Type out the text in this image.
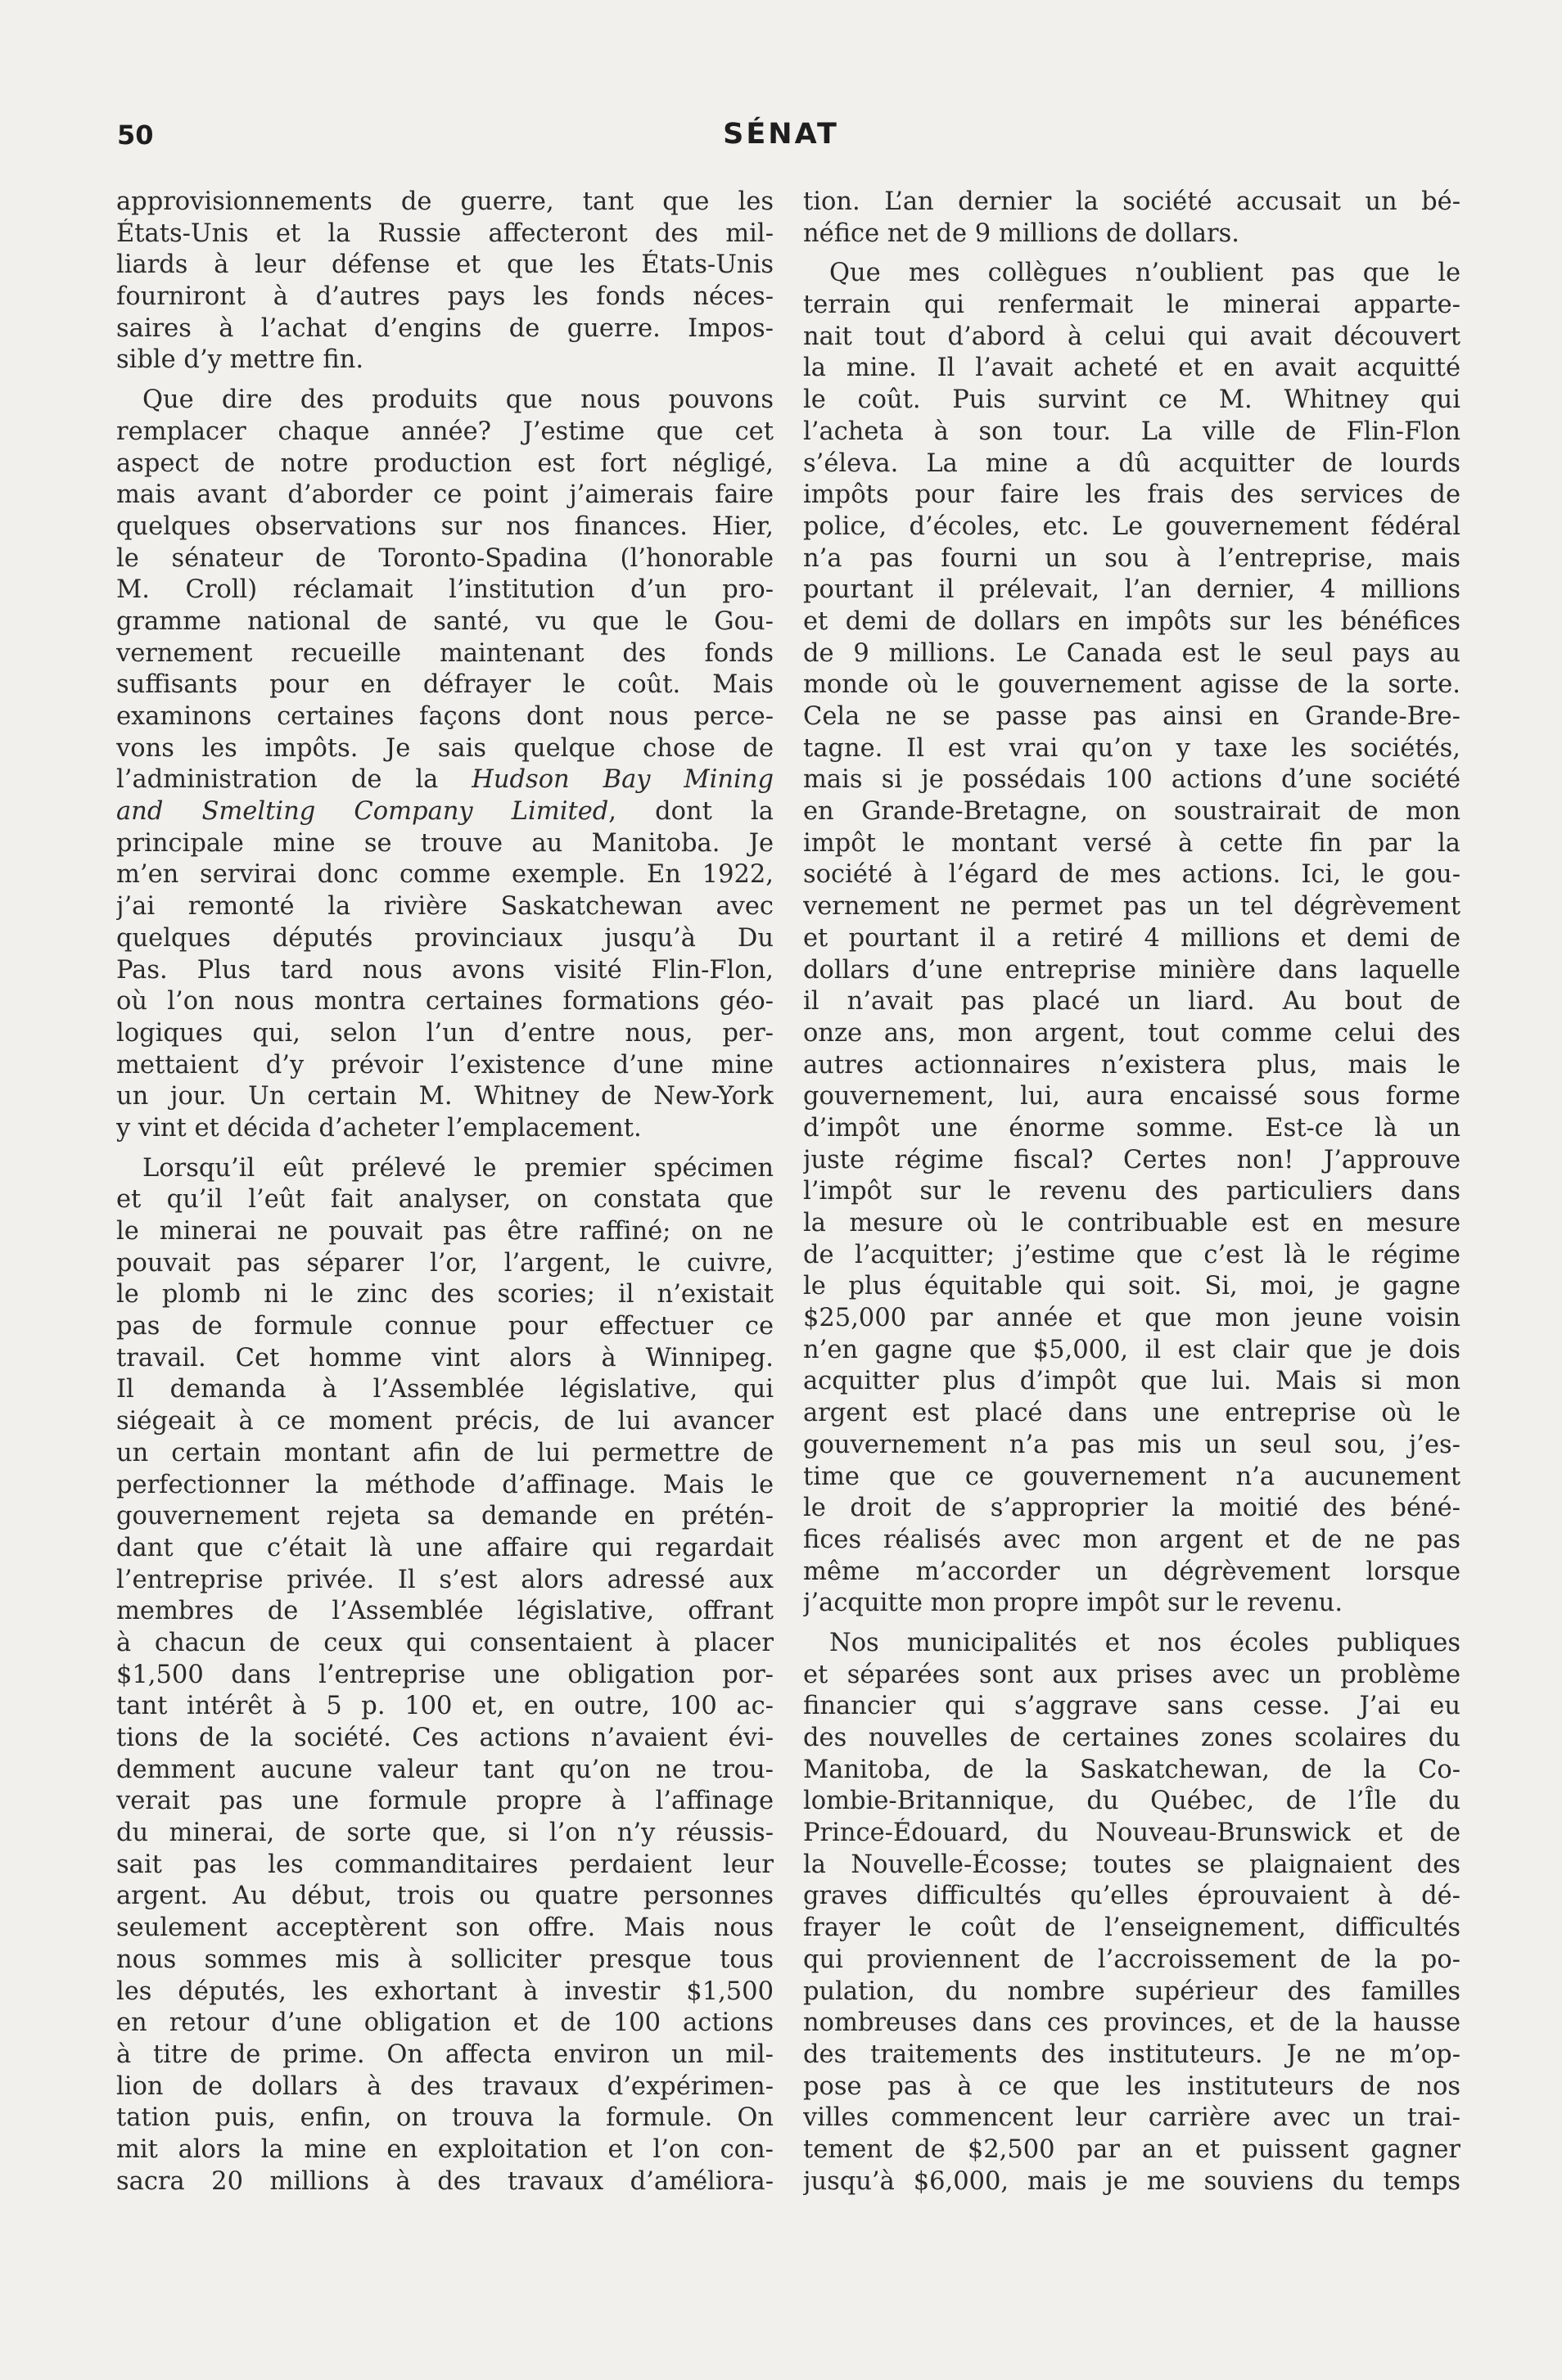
50	SÉNAT
approvisionnements de guerre, tant que les
États-Unis et la Russie affecteront des mil-
liards à leur défense et que les États-Unis
fourniront à d’autres pays les fonds néces-
saires à l’achat d’engins de guerre. Impos-
sible d’y mettre fin.
Que dire des produits que nous pouvons
remplacer chaque année? J’estime que cet
aspect de notre production est fort négligé,
mais avant d’aborder ce point j’aimerais faire
quelques observations sur nos finances. Hier,
le sénateur de Toronto-Spadina (l’honorable
M. Croll) réclamait l’institution d’un pro-
gramme national de santé, vu que le Gou-
vernement recueille maintenant des fonds
suffisants pour en défrayer le coût. Mais
examinons certaines façons dont nous perce-
vons les impôts. Je sais quelque chose de
l’administration de la Hudson Bay Mining
and Smelting Company Limited, dont la
principale mine se trouve au Manitoba. Je
m’en servirai donc comme exemple. En 1922,
j’ai remonté la rivière Saskatchewan avec
quelques députés provinciaux jusqu’à Du
Pas. Plus tard nous avons visité Flin-Flon,
où l’on nous montra certaines formations géo-
logiques qui, selon l’un d’entre nous, per-
mettaient d’y prévoir l’existence d’une mine
un jour. Un certain M. Whitney de New-York
y vint et décida d’acheter l’emplacement.
Lorsqu’il eût prélevé le premier spécimen
et qu’il l’eût fait analyser, on constata que
le minerai ne pouvait pas être raffiné; on ne
pouvait pas séparer l’or, l’argent, le cuivre,
le plomb ni le zinc des scories; il n’existait
pas de formule connue pour effectuer ce
travail. Cet homme vint alors à Winnipeg.
Il demanda à l’Assemblée législative, qui
siégeait à ce moment précis, de lui avancer
un certain montant afin de lui permettre de
perfectionner la méthode d’affinage. Mais le
gouvernement rejeta sa demande en prétén-
dant que c’était là une affaire qui regardait
l’entreprise privée. Il s’est alors adressé aux
membres de l’Assemblée législative, offrant
à chacun de ceux qui consentaient à placer
$1,500 dans l’entreprise une obligation por-
tant intérêt à 5 p. 100 et, en outre, 100 ac-
tions de la société. Ces actions n’avaient évi-
demment aucune valeur tant qu’on ne trou-
verait pas une formule propre à l’affinage
du minerai, de sorte que, si l’on n’y réussis-
sait pas les commanditaires perdaient leur
argent. Au début, trois ou quatre personnes
seulement acceptèrent son offre. Mais nous
nous sommes mis à solliciter presque tous
les députés, les exhortant à investir $1,500
en retour d’une obligation et de 100 actions
à titre de prime. On affecta environ un mil-
lion de dollars à des travaux d’expérimen-
tation puis, enfin, on trouva la formule. On
mit alors la mine en exploitation et l’on con-
sacra 20 millions à des travaux d’améliora-
tion. L’an dernier la société accusait un bé-
néfice net de 9 millions de dollars.
Que mes collègues n’oublient pas que le
terrain qui renfermait le minerai apparte-
nait tout d’abord à celui qui avait découvert
la mine. Il l’avait acheté et en avait acquitté
le coût. Puis survint ce M. Whitney qui
l’acheta à son tour. La ville de Flin-Flon
s’éleva. La mine a dû acquitter de lourds
impôts pour faire les frais des services de
police, d’écoles, etc. Le gouvernement fédéral
n’a pas fourni un sou à l’entreprise, mais
pourtant il prélevait, l’an dernier, 4 millions
et demi de dollars en impôts sur les bénéfices
de 9 millions. Le Canada est le seul pays au
monde où le gouvernement agisse de la sorte.
Cela ne se passe pas ainsi en Grande-Bre-
tagne. Il est vrai qu’on y taxe les sociétés,
mais si je possédais 100 actions d’une société
en Grande-Bretagne, on soustrairait de mon
impôt le montant versé à cette fin par la
société à l’égard de mes actions. Ici, le gou-
vernement ne permet pas un tel dégrèvement
et pourtant il a retiré 4 millions et demi de
dollars d’une entreprise minière dans laquelle
il n’avait pas placé un liard. Au bout de
onze ans, mon argent, tout comme celui des
autres actionnaires n’existera plus, mais le
gouvernement, lui, aura encaissé sous forme
d’impôt une énorme somme. Est-ce là un
juste régime fiscal? Certes non! J’approuve
l’impôt sur le revenu des particuliers dans
la mesure où le contribuable est en mesure
de l’acquitter; j’estime que c’est là le régime
le plus équitable qui soit. Si, moi, je gagne
$25,000 par année et que mon jeune voisin
n’en gagne que $5,000, il est clair que je dois
acquitter plus d’impôt que lui. Mais si mon
argent est placé dans une entreprise où le
gouvernement n’a pas mis un seul sou, j’es-
time que ce gouvernement n’a aucunement
le droit de s’approprier la moitié des béné-
fices réalisés avec mon argent et de ne pas
même m’accorder un dégrèvement lorsque
j’acquitte mon propre impôt sur le revenu.
Nos municipalités et nos écoles publiques
et séparées sont aux prises avec un problème
financier qui s’aggrave sans cesse. J’ai eu
des nouvelles de certaines zones scolaires du
Manitoba, de la Saskatchewan, de la Co-
lombie-Britannique, du Québec, de l’Île du
Prince-Édouard, du Nouveau-Brunswick et de
la Nouvelle-Écosse; toutes se plaignaient des
graves difficultés qu’elles éprouvaient à dé-
frayer le coût de l’enseignement, difficultés
qui proviennent de l’accroissement de la po-
pulation, du nombre supérieur des familles
nombreuses dans ces provinces, et de la hausse
des traitements des instituteurs. Je ne m’op-
pose pas à ce que les instituteurs de nos
villes commencent leur carrière avec un trai-
tement de $2,500 par an et puissent gagner
jusqu’à $6,000, mais je me souviens du temps
